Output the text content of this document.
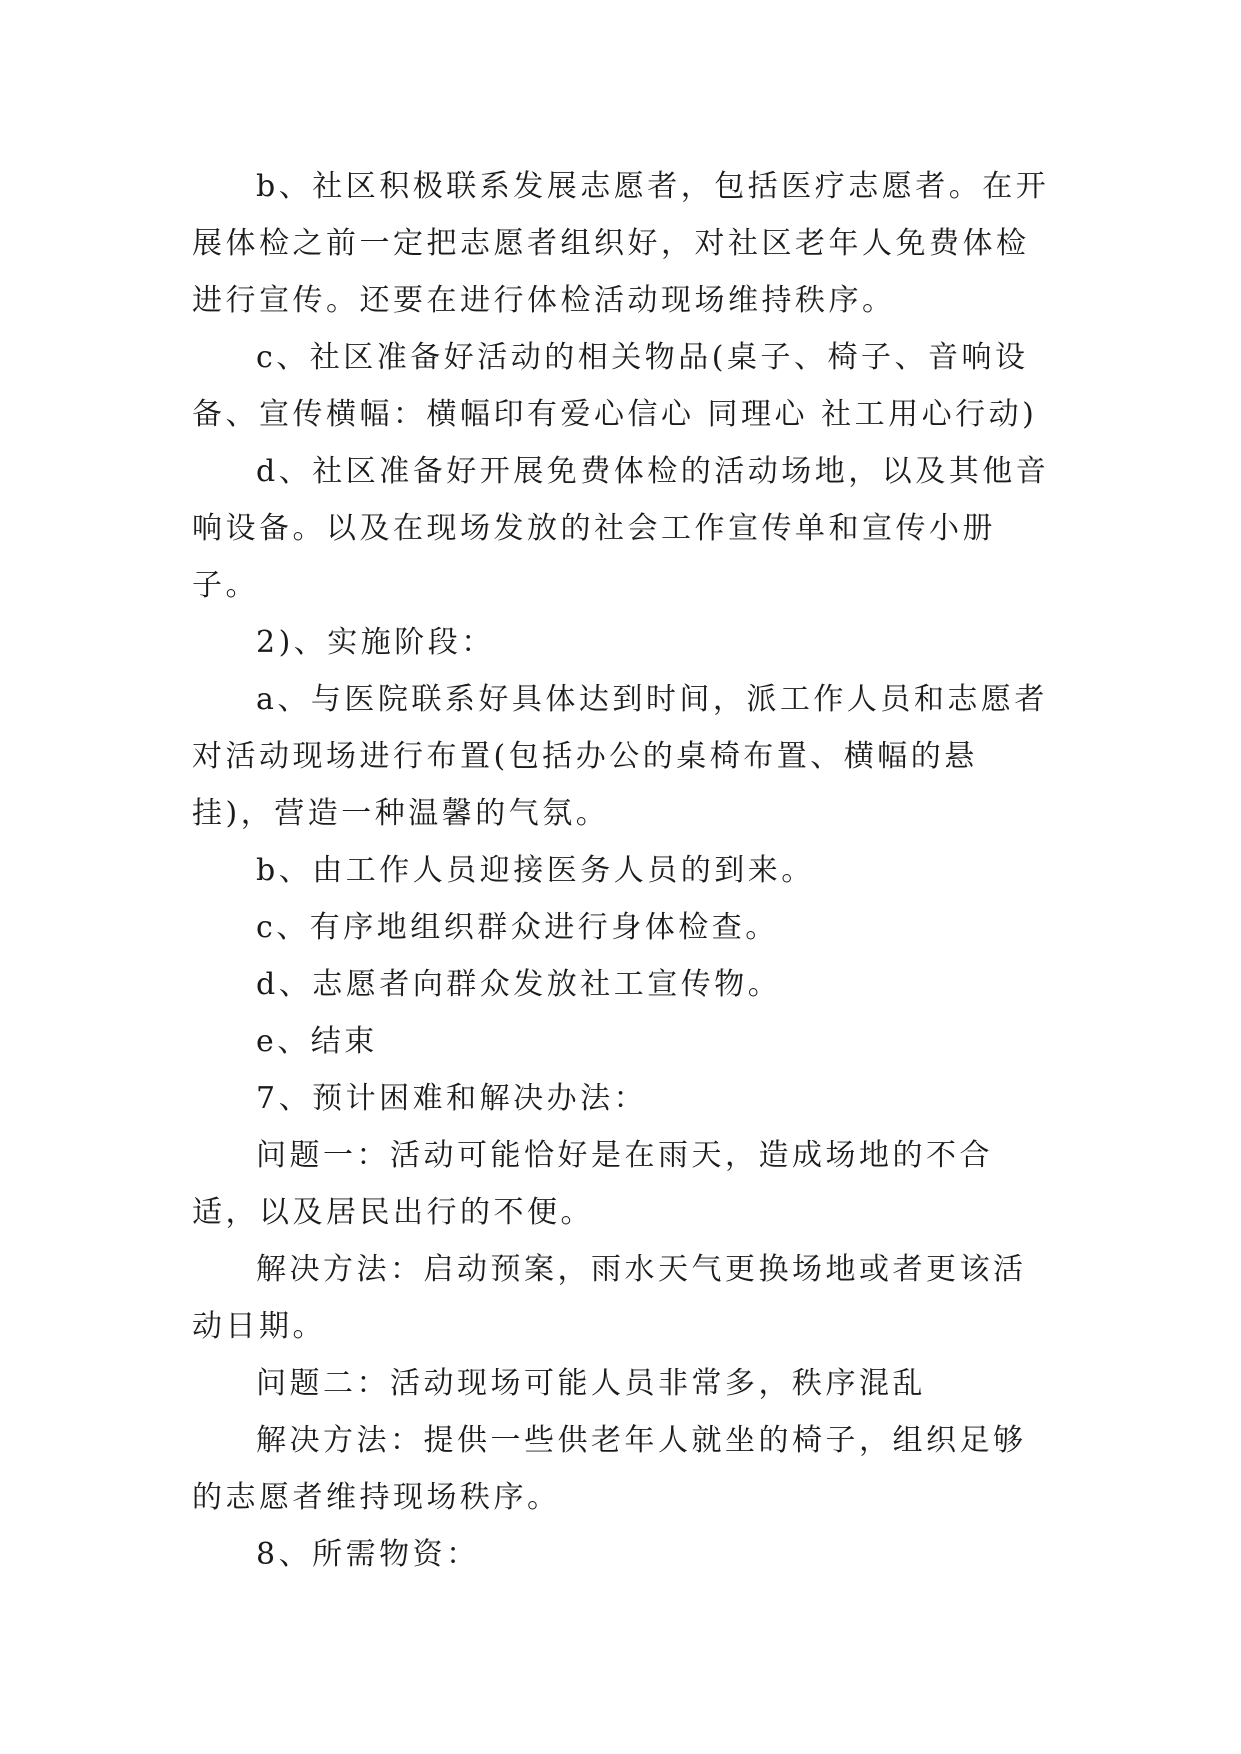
b、社区积极联系发展志愿者，包括医疗志愿者。在开展体检之前一定把志愿者组织好，对社区老年人免费体检进行宣传。还要在进行体检活动现场维持秩序。

c、社区准备好活动的相关物品(桌子、椅子、音响设备、宣传横幅：横幅印有爱心信心 同理心 社工用心行动)

d、社区准备好开展免费体检的活动场地，以及其他音响设备。以及在现场发放的社会工作宣传单和宣传小册子。

2)、实施阶段：

a、与医院联系好具体达到时间，派工作人员和志愿者对活动现场进行布置(包括办公的桌椅布置、横幅的悬挂)，营造一种温馨的气氛。

b、由工作人员迎接医务人员的到来。

c、有序地组织群众进行身体检查。

d、志愿者向群众发放社工宣传物。

e、结束

7、预计困难和解决办法：

问题一：活动可能恰好是在雨天，造成场地的不合适，以及居民出行的不便。

解决方法：启动预案，雨水天气更换场地或者更该活动日期。

问题二：活动现场可能人员非常多，秩序混乱

解决方法：提供一些供老年人就坐的椅子，组织足够的志愿者维持现场秩序。

8、所需物资：
